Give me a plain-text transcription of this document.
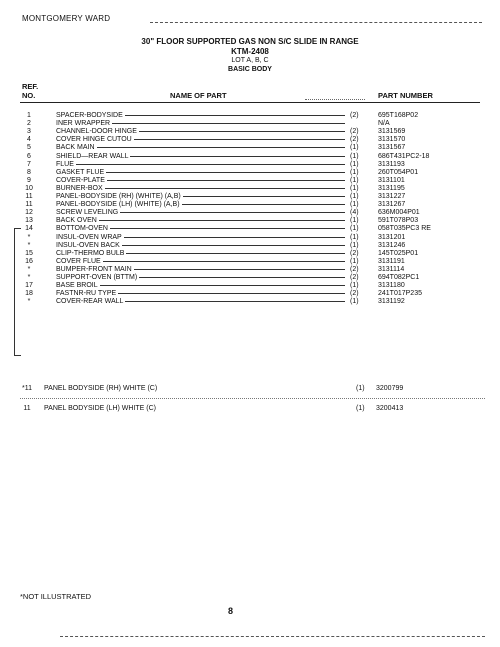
MONTGOMERY WARD
30" FLOOR SUPPORTED GAS NON S/C SLIDE IN RANGE
KTM-2408
LOT A, B, C
BASIC BODY
REF.
NO.	NAME OF PART	PART NUMBER
1	SPACER-BODYSIDE	(2)	695T168P02
2	INER WRAPPER	N/A
3	CHANNEL-DOOR HINGE	(2)	3131569
4	COVER HINGE CUTOU	(2)	3131570
5	BACK MAIN	(1)	3131567
6	SHIELD—REAR WALL	(1)	686T431PC2-18
7	FLUE	(1)	3131193
8	GASKET FLUE	(1)	260T054P01
9	COVER-PLATE	(1)	3131101
10	BURNER-BOX	(1)	3131195
11	PANEL-BODYSIDE (RH) (WHITE) (A,B)	(1)	3131227
11	PANEL-BODYSIDE (LH) (WHITE) (A,B)	(1)	3131267
12	SCREW LEVELING	(4)	636M004P01
13	BACK OVEN	(1)	591T078P03
14	BOTTOM-OVEN	(1)	058T035PC3 RE
*	INSUL-OVEN WRAP	(1)	3131201
*	INSUL-OVEN BACK	(1)	3131246
15	CLIP-THERMO BULB	(2)	145T025P01
16	COVER FLUE	(1)	3131191
*	BUMPER-FRONT MAIN	(2)	3131114
*	SUPPORT-OVEN (BTTM)	(2)	694T082PC1
17	BASE BROIL	(1)	3131180
18	FASTNR-RU TYPE	(2)	241T017P235
*	COVER-REAR WALL	(1)	3131192
*11	PANEL BODYSIDE (RH) WHITE (C)	(1) 3200799
11	PANEL BODYSIDE (LH) WHITE (C)	(1) 3200413
*NOT ILLUSTRATED
8
